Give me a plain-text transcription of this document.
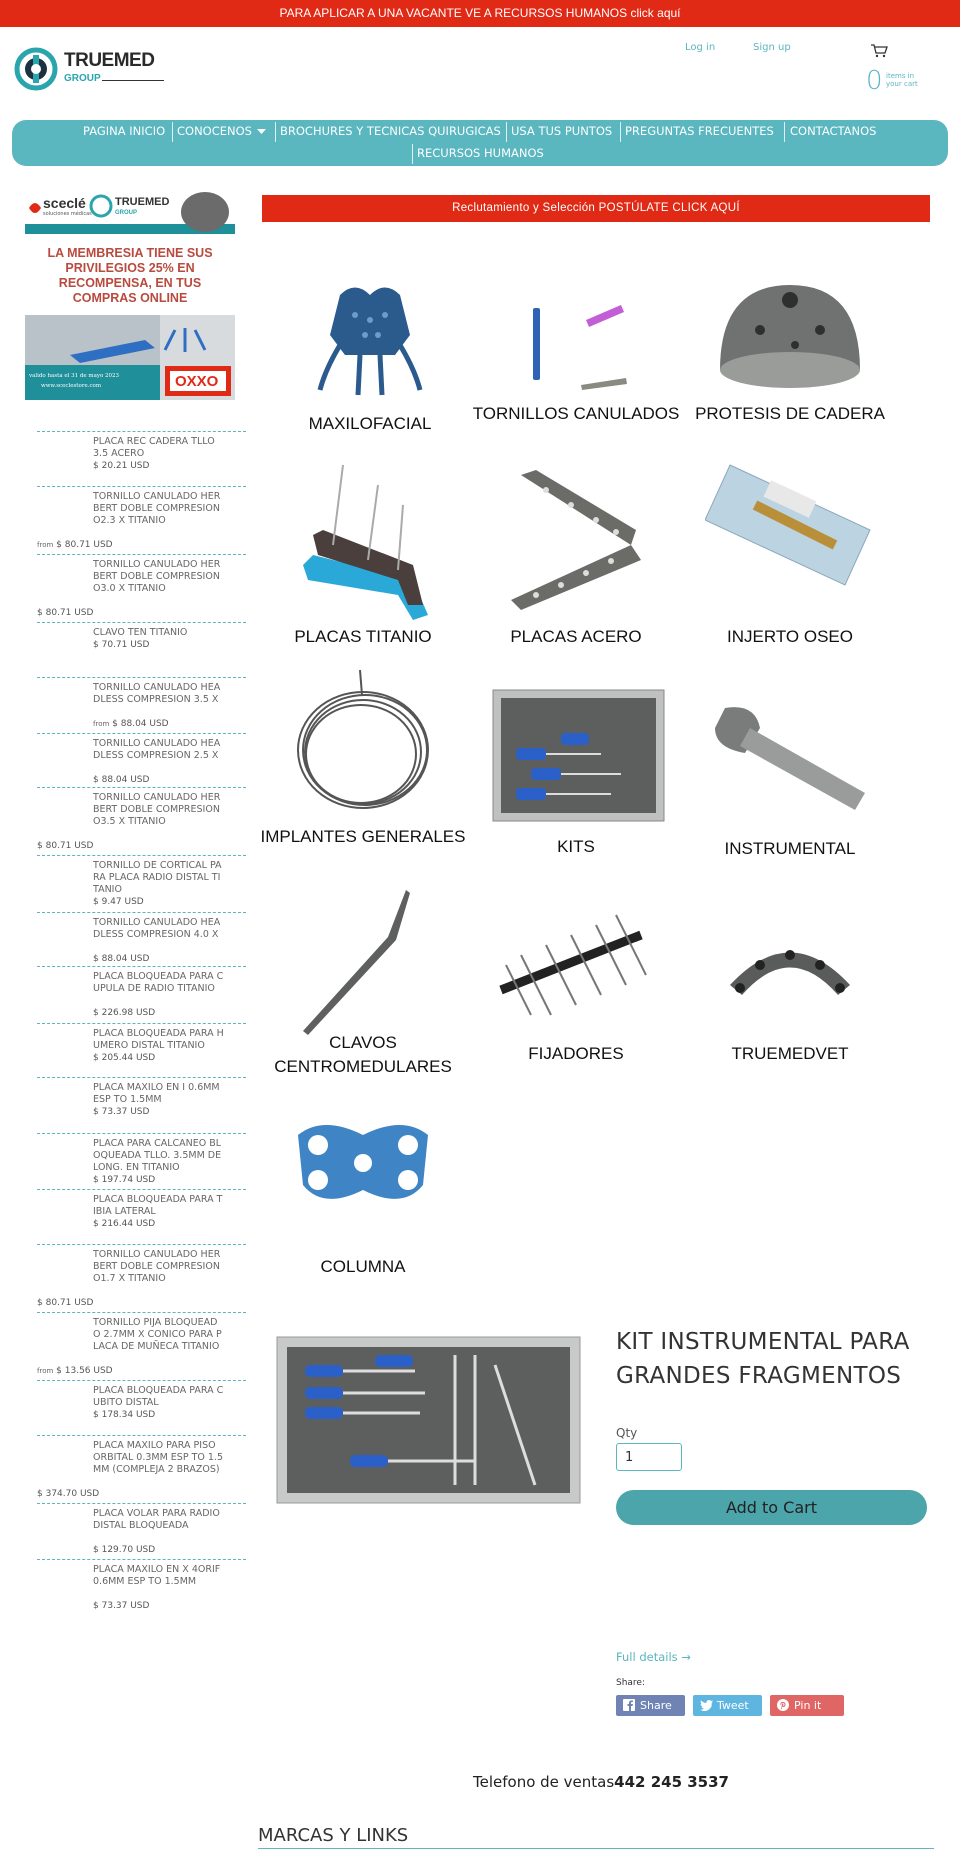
PARA APLICAR A UNA VACANTE VE A RECURSOS HUMANOS click aquí
TRUEMED
GROUP
Log in	Sign up
0 items in your cart
PAGINA INICIO CONOCENOS BROCHURES Y TECNICAS QUIRUGICAS USA TUS PUNTOS PREGUNTAS FRECUENTES CONTACTANOS
RECURSOS HUMANOS
sceclé
soluciones médicas
TRUEMED
GROUP
LA MEMBRESIA TIENE SUS PRIVILEGIOS 25% EN RECOMPENSA, EN TUS COMPRAS ONLINE
valido hasta el 31 de mayo 2023
www.sceclestore.com	OXXO
PLACA REC CADERA TLLO 3.5 ACERO
$ 20.21 USD
TORNILLO CANULADO HERBERT DOBLE COMPRESION O2.3 X TITANIO
from $ 80.71 USD
TORNILLO CANULADO HERBERT DOBLE COMPRESION O3.0 X TITANIO
$ 80.71 USD
CLAVO TEN TITANIO
$ 70.71 USD
TORNILLO CANULADO HEADLESS COMPRESION 3.5 X
from $ 88.04 USD
TORNILLO CANULADO HEADLESS COMPRESION 2.5 X
$ 88.04 USD
TORNILLO CANULADO HERBERT DOBLE COMPRESION O3.5 X TITANIO
$ 80.71 USD
TORNILLO DE CORTICAL PARA PLACA RADIO DISTAL TITANIO
$ 9.47 USD
TORNILLO CANULADO HEADLESS COMPRESION 4.0 X
$ 88.04 USD
PLACA BLOQUEADA PARA CUPULA DE RADIO TITANIO
$ 226.98 USD
PLACA BLOQUEADA PARA HUMERO DISTAL TITANIO
$ 205.44 USD
PLACA MAXILO EN I 0.6MM ESP TO 1.5MM
$ 73.37 USD
PLACA PARA CALCANEO BLOQUEADA TLLO. 3.5MM DE LONG. EN TITANIO
$ 197.74 USD
PLACA BLOQUEADA PARA TIBIA LATERAL
$ 216.44 USD
TORNILLO CANULADO HERBERT DOBLE COMPRESION O1.7 X TITANIO
$ 80.71 USD
TORNILLO PIJA BLOQUEADO 2.7MM X CONICO PARA PLACA DE MUÑECA TITANIO
from $ 13.56 USD
PLACA BLOQUEADA PARA CUBITO DISTAL
$ 178.34 USD
PLACA MAXILO PARA PISO ORBITAL 0.3MM ESP TO 1.5MM (COMPLEJA 2 BRAZOS)
$ 374.70 USD
PLACA VOLAR PARA RADIO DISTAL BLOQUEADA
$ 129.70 USD
PLACA MAXILO EN X 4ORIF 0.6MM ESP TO 1.5MM
$ 73.37 USD
Reclutamiento y Selección POSTÚLATE CLICK AQUÍ
MAXILOFACIAL
TORNILLOS CANULADOS PROTESIS DE CADERA
PLACAS TITANIO	PLACAS ACERO	INJERTO OSEO
IMPLANTES GENERALES
KITS	INSTRUMENTAL
CLAVOS CENTROMEDULARES
FIJADORES	TRUEMEDVET
COLUMNA
KIT INSTRUMENTAL PARA GRANDES FRAGMENTOS
Qty
1
Add to Cart
Full details →
Share:
Share	Tweet	Pin it
Telefono de ventas442 245 3537
MARCAS Y LINKS
